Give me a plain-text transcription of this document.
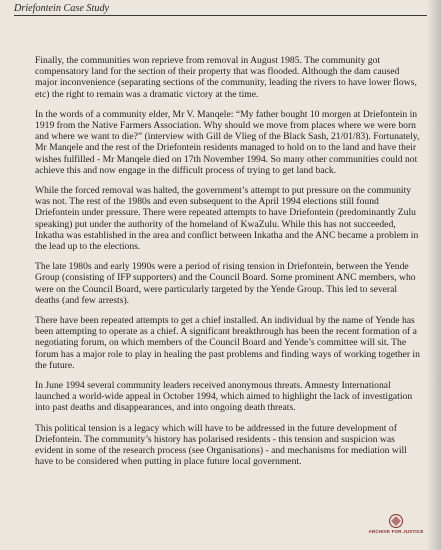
Driefontein Case Study

Finally, the communities won reprieve from removal in August 1985. The community got compensatory land for the section of their property that was flooded. Although the dam caused major inconvenience (separating sections of the community, leading the rivers to have lower flows, etc) the right to remain was a dramatic victory at the time.

In the words of a community elder, Mr V. Manqele: “My father bought 10 morgen at Driefontein in 1919 from the Native Farmers Association. Why should we move from places where we were born and where we want to die?” (interview with Gill de Vlieg of the Black Sash, 21/01/83). Fortunately, Mr Manqele and the rest of the Driefontein residents managed to hold on to the land and have their wishes fulfilled - Mr Manqele died on 17th November 1994. So many other communities could not achieve this and now engage in the difficult process of trying to get land back.

While the forced removal was halted, the government’s attempt to put pressure on the community was not. The rest of the 1980s and even subsequent to the April 1994 elections still found Driefontein under pressure. There were repeated attempts to have Driefontein (predominantly Zulu speaking) put under the authority of the homeland of KwaZulu. While this has not succeeded, Inkatha was established in the area and conflict between Inkatha and the ANC became a problem in the lead up to the elections.

The late 1980s and early 1990s were a period of rising tension in Driefontein, between the Yende Group (consisting of IFP supporters) and the Council Board. Some prominent ANC members, who were on the Council Board, were particularly targeted by the Yende Group. This led to several deaths (and few arrests).

There have been repeated attempts to get a chief installed. An individual by the name of Yende has been attempting to operate as a chief. A significant breakthrough has been the recent formation of a negotiating forum, on which members of the Council Board and Yende’s committee will sit. The forum has a major role to play in healing the past problems and finding ways of working together in the future.

In June 1994 several community leaders received anonymous threats. Amnesty International launched a world-wide appeal in October 1994, which aimed to highlight the lack of investigation into past deaths and disappearances, and into ongoing death threats.

This political tension is a legacy which will have to be addressed in the future development of Driefontein. The community’s history has polarised residents - this tension and suspicion was evident in some of the research process (see Organisations) - and mechanisms for mediation will have to be considered when putting in place future local government.

ARCHIVE FOR JUSTICE
